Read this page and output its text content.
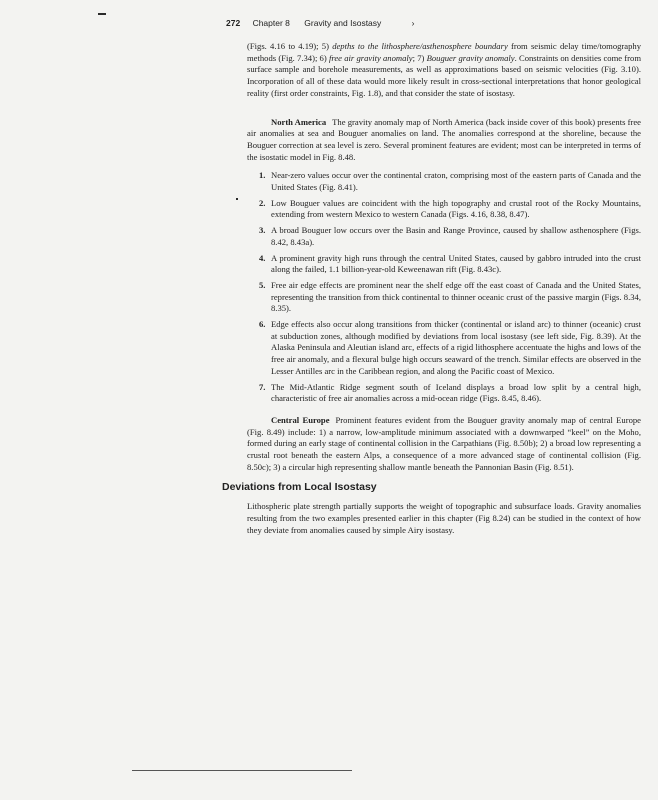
272 Chapter 8 Gravity and Isostasy	›

(Figs. 4.16 to 4.19); 5) depths to the lithosphere/asthenosphere boundary from seismic delay time/tomography methods (Fig. 7.34); 6) free air gravity anomaly; 7) Bouguer gravity anomaly. Constraints on densities come from surface sample and borehole measurements, as well as approximations based on seismic velocities (Fig. 3.10). Incorporation of all of these data would more likely result in cross-sectional interpretations that honor geological reality (first order constraints, Fig. 1.8), and that consider the state of isostasy.

North America The gravity anomaly map of North America (back inside cover of this book) presents free air anomalies at sea and Bouguer anomalies on land. The anomalies correspond at the shoreline, because the Bouguer correction at sea level is zero. Several prominent features are evident; most can be interpreted in terms of the isostatic model in Fig. 8.48.

1. Near-zero values occur over the continental craton, comprising most of the eastern parts of Canada and the United States (Fig. 8.41).
2. Low Bouguer values are coincident with the high topography and crustal root of the Rocky Mountains, extending from western Mexico to western Canada (Figs. 4.16, 8.38, 8.47).
3. A broad Bouguer low occurs over the Basin and Range Province, caused by shallow asthenosphere (Figs. 8.42, 8.43a).
4. A prominent gravity high runs through the central United States, caused by gabbro intruded into the crust along the failed, 1.1 billion-year-old Keweenawan rift (Fig. 8.43c).
5. Free air edge effects are prominent near the shelf edge off the east coast of Canada and the United States, representing the transition from thick continental to thinner oceanic crust of the passive margin (Figs. 8.34, 8.35).
6. Edge effects also occur along transitions from thicker (continental or island arc) to thinner (oceanic) crust at subduction zones, although modified by deviations from local isostasy (see left side, Fig. 8.39). At the Alaska Peninsula and Aleutian island arc, effects of a rigid lithosphere accentuate the highs and lows of the free air anomaly, and a flexural bulge high occurs seaward of the trench. Similar effects are observed in the Lesser Antilles arc in the Caribbean region, and along the Pacific coast of Mexico.
7. The Mid-Atlantic Ridge segment south of Iceland displays a broad low split by a central high, characteristic of free air anomalies across a mid-ocean ridge (Figs. 8.45, 8.46).

Central Europe Prominent features evident from the Bouguer gravity anomaly map of central Europe (Fig. 8.49) include: 1) a narrow, low-amplitude minimum associated with a downwarped “keel” on the Moho, formed during an early stage of continental collision in the Carpathians (Fig. 8.50b); 2) a broad low representing a crustal root beneath the eastern Alps, a consequence of a more advanced stage of continental collision (Fig. 8.50c); 3) a circular high representing shallow mantle beneath the Pannonian Basin (Fig. 8.51).

Deviations from Local Isostasy

Lithospheric plate strength partially supports the weight of topographic and subsurface loads. Gravity anomalies resulting from the two examples presented earlier in this chapter (Fig 8.24) can be studied in the context of how they deviate from anomalies caused by simple Airy isostasy.
